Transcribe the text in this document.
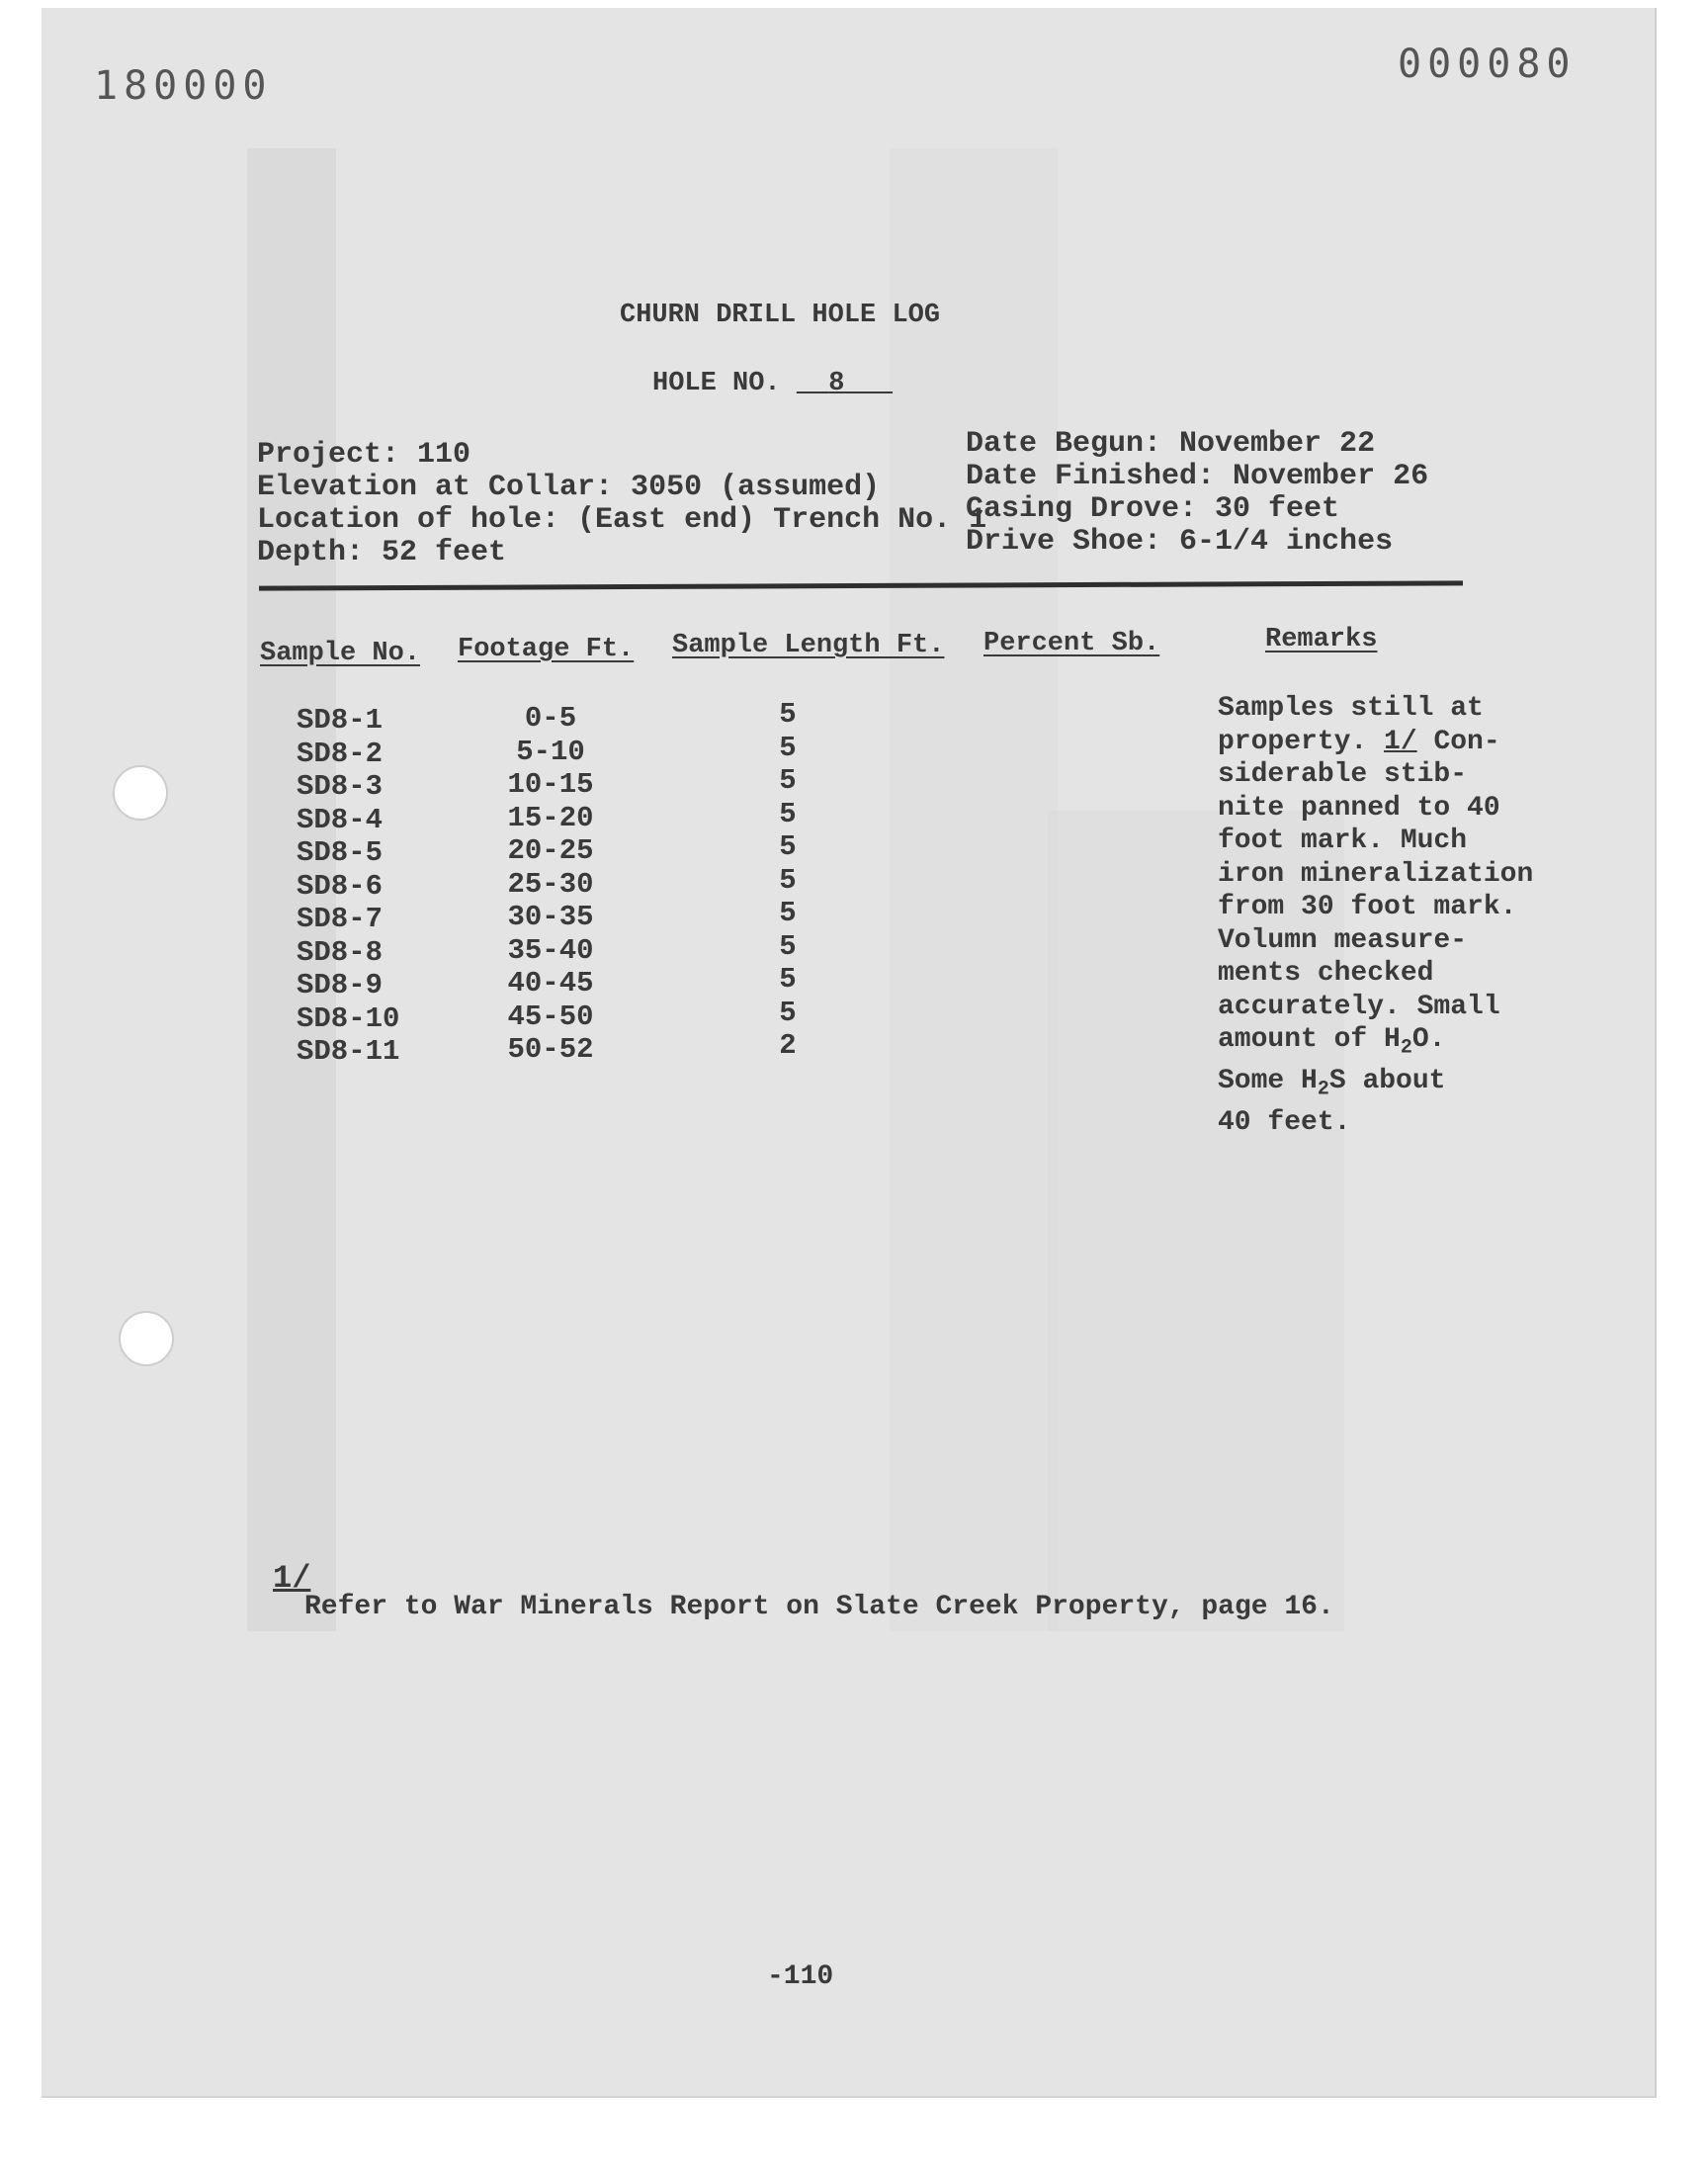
180000	000080
CHURN DRILL HOLE LOG
HOLE NO. 8
Project: 110
Elevation at Collar: 3050 (assumed)
Location of hole: (East end) Trench No. 1
Depth: 52 feet
Date Begun: November 22
Date Finished: November 26
Casing Drove: 30 feet
Drive Shoe: 6-1/4 inches
Sample No. Footage Ft. Sample Length Ft. Percent Sb.	Remarks
SD8-1
SD8-2
SD8-3
SD8-4
SD8-5
SD8-6
SD8-7
SD8-8
SD8-9
SD8-10
SD8-11
0-5
5-10
10-15
15-20
20-25
25-30
30-35
35-40
40-45
45-50
50-52
5
5
5
5
5
5
5
5
5
5
2
Samples still at
property. 1/ Con-
siderable stib-
nite panned to 40
foot mark. Much
iron mineralization
from 30 foot mark.
Volumn measure-
ments checked
accurately. Small
amount of $H_2O$.
Some $H_2S$ about
40 feet.
1/
Refer to War Minerals Report on Slate Creek Property, page 16.
-110
